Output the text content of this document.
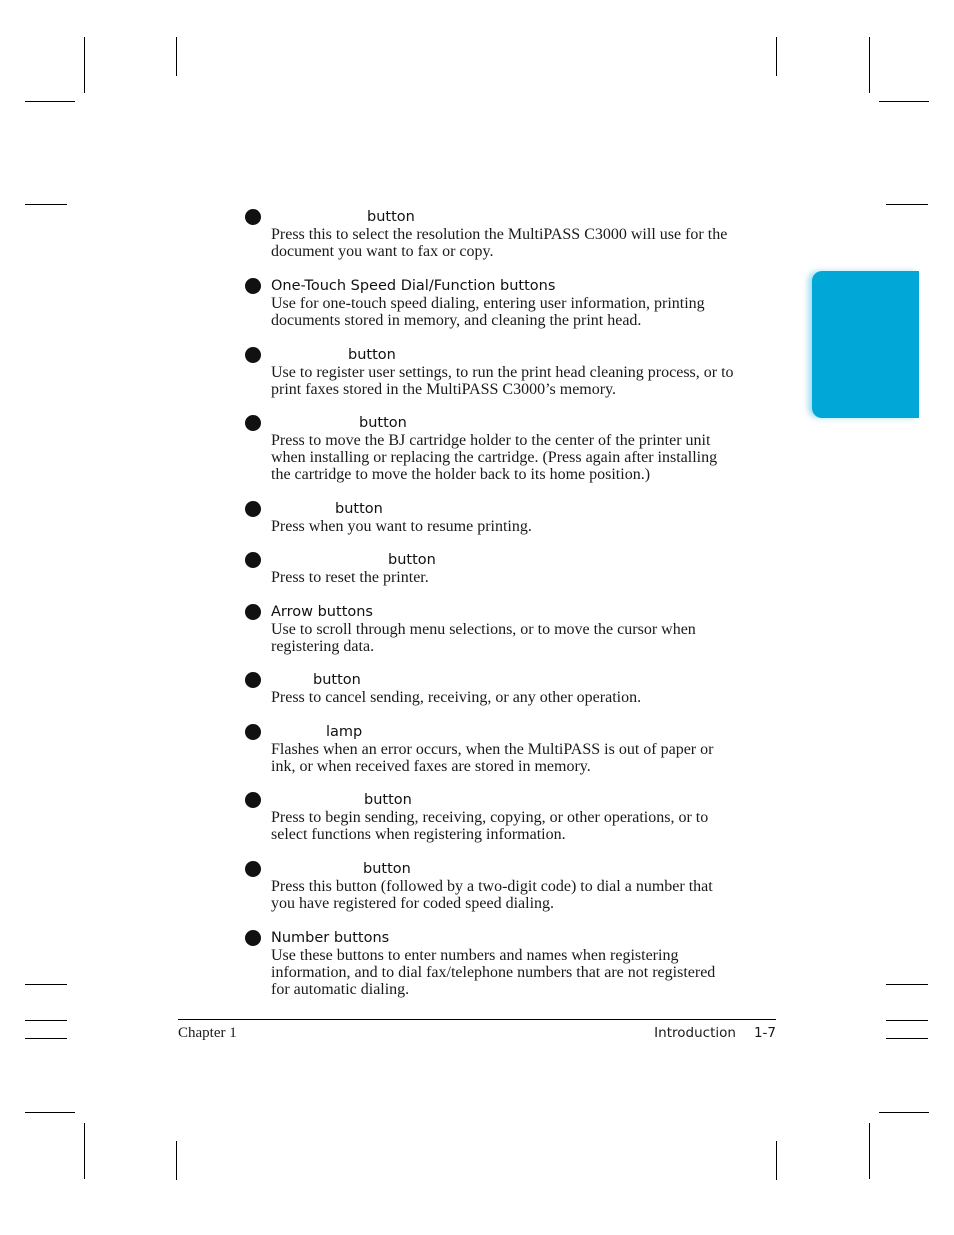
button
Press this to select the resolution the MultiPASS C3000 will use for the
document you want to fax or copy.
One-Touch Speed Dial/Function buttons
Use for one-touch speed dialing, entering user information, printing
documents stored in memory, and cleaning the print head.
button
Use to register user settings, to run the print head cleaning process, or to
print faxes stored in the MultiPASS C3000’s memory.
button
Press to move the BJ cartridge holder to the center of the printer unit
when installing or replacing the cartridge. (Press again after installing
the cartridge to move the holder back to its home position.)
button
Press when you want to resume printing.
button
Press to reset the printer.
Arrow buttons
Use to scroll through menu selections, or to move the cursor when
registering data.
button
Press to cancel sending, receiving, or any other operation.
lamp
Flashes when an error occurs, when the MultiPASS is out of paper or
ink, or when received faxes are stored in memory.
button
Press to begin sending, receiving, copying, or other operations, or to
select functions when registering information.
button
Press this button (followed by a two-digit code) to dial a number that
you have registered for coded speed dialing.
Number buttons
Use these buttons to enter numbers and names when registering
information, and to dial fax/telephone numbers that are not registered
for automatic dialing.
Chapter 1	Introduction 1-7
